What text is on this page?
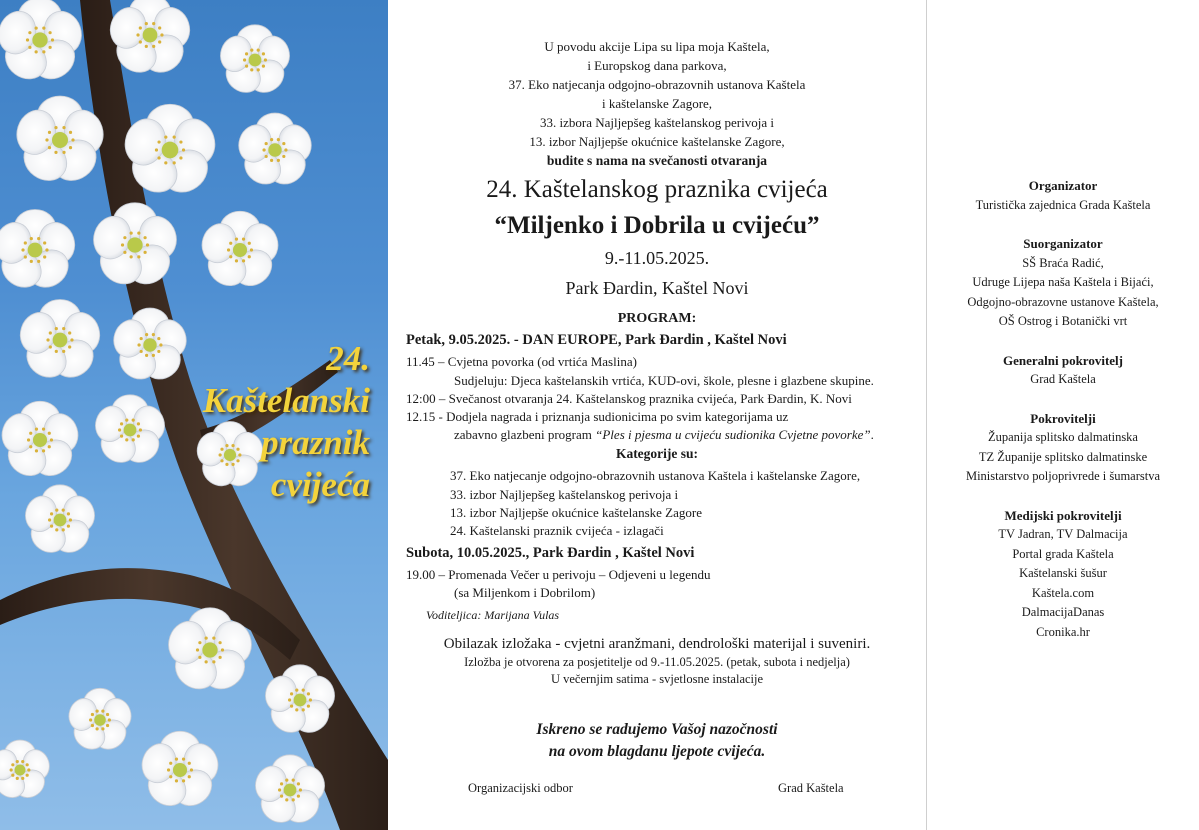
24.
Kaštelanski
praznik
cvijeća
U povodu akcije Lipa su lipa moja Kaštela,
i Europskog dana parkova,
37. Eko natjecanja odgojno-obrazovnih ustanova Kaštela
i kaštelanske Zagore,
33. izbora Najljepšeg kaštelanskog perivoja i
13. izbor Najljepše okućnice kaštelanske Zagore,
budite s nama na svečanosti otvaranja
24. Kaštelanskog praznika cvijeća
“Miljenko i Dobrila u cvijeću”
9.-11.05.2025.
Park Đardin, Kaštel Novi
PROGRAM:
Petak, 9.05.2025. - DAN EUROPE, Park Đardin , Kaštel Novi
11.45 – Cvjetna povorka (od vrtića Maslina)
Sudjeluju: Djeca kaštelanskih vrtića, KUD-ovi, škole, plesne i glazbene skupine.
12:00 – Svečanost otvaranja 24. Kaštelanskog praznika cvijeća, Park Đardin, K. Novi
12.15 - Dodjela nagrada i priznanja sudionicima po svim kategorijama uz
zabavno glazbeni program “Ples i pjesma u cvijeću sudionika Cvjetne povorke”.
Kategorije su:
37. Eko natjecanje odgojno-obrazovnih ustanova Kaštela i kaštelanske Zagore,
33. izbor Najljepšeg kaštelanskog perivoja i
13. izbor Najljepše okućnice kaštelanske Zagore
24. Kaštelanski praznik cvijeća - izlagači
Subota, 10.05.2025., Park Đardin , Kaštel Novi
19.00 – Promenada Večer u perivoju – Odjeveni u legendu
(sa Miljenkom i Dobrilom)
Voditeljica: Marijana Vulas
Obilazak izložaka - cvjetni aranžmani, dendrološki materijal i suveniri.
Izložba je otvorena za posjetitelje od 9.-11.05.2025. (petak, subota i nedjelja)
U večernjim satima - svjetlosne instalacije
Iskreno se radujemo Vašoj nazočnosti
na ovom blagdanu ljepote cvijeća.
Organizacijski odbor	Grad Kaštela
Organizator
Turistička zajednica Grada Kaštela
Suorganizator
SŠ Braća Radić,
Udruge Lijepa naša Kaštela i Bijaći,
Odgojno-obrazovne ustanove Kaštela,
OŠ Ostrog i Botanički vrt
Generalni pokrovitelj
Grad Kaštela
Pokrovitelji
Županija splitsko dalmatinska
TZ Županije splitsko dalmatinske
Ministarstvo poljoprivrede i šumarstva
Medijski pokrovitelji
TV Jadran, TV Dalmacija
Portal grada Kaštela
Kaštelanski šušur
Kaštela.com
DalmacijaDanas
Cronika.hr
